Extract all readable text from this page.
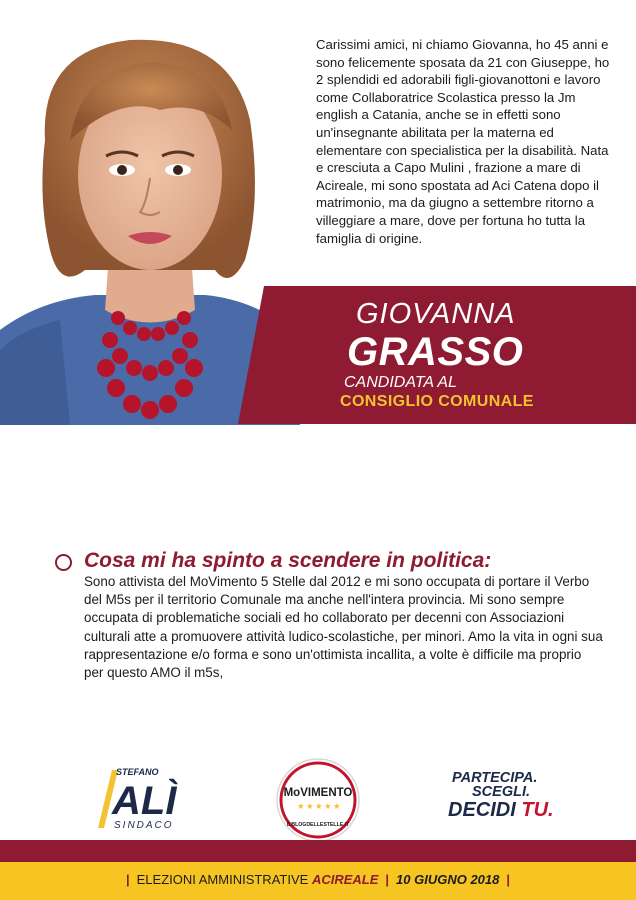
Carissimi amici, ni chiamo Giovanna, ho 45 anni e sono felicemente sposata da 21 con Giuseppe, ho 2 splendidi ed adorabili figli-giovanottoni e lavoro come Collaboratrice Scolastica presso la Jm english a Catania, anche se in effetti sono un'insegnante abilitata per la materna ed elementare con specialistica per la disabilità. Nata e cresciuta a Capo Mulini , frazione a mare di Acireale, mi sono spostata ad Aci Catena dopo il matrimonio, ma da giugno a settembre ritorno a villeggiare a mare, dove per fortuna ho tutta la famiglia di origine.
GIOVANNA
GRASSO
CANDIDATA AL
CONSIGLIO COMUNALE
Cosa mi ha spinto a scendere in politica:
Sono attivista del MoVimento 5 Stelle dal 2012 e mi sono occupata di portare il Verbo del M5s per il territorio Comunale ma anche nell'intera provincia. Mi sono sempre occupata di problematiche sociali ed ho collaborato per decenni con Associazioni culturali atte a promuovere attività ludico-scolastiche, per minori. Amo la vita in ogni sua rappresentazione e/o forma e sono un'ottimista incallita, a volte è difficile ma proprio per questo AMO il m5s,
STEFANO
ALÌ
SINDACO
MoVIMENTO
★ ★ ★ ★ ★
ILBLOGDELLESTELLE.IT
PARTECIPA.
SCEGLI.
DECIDI TU.
| ELEZIONI AMMINISTRATIVE ACIREALE | 10 GIUGNO 2018 |
